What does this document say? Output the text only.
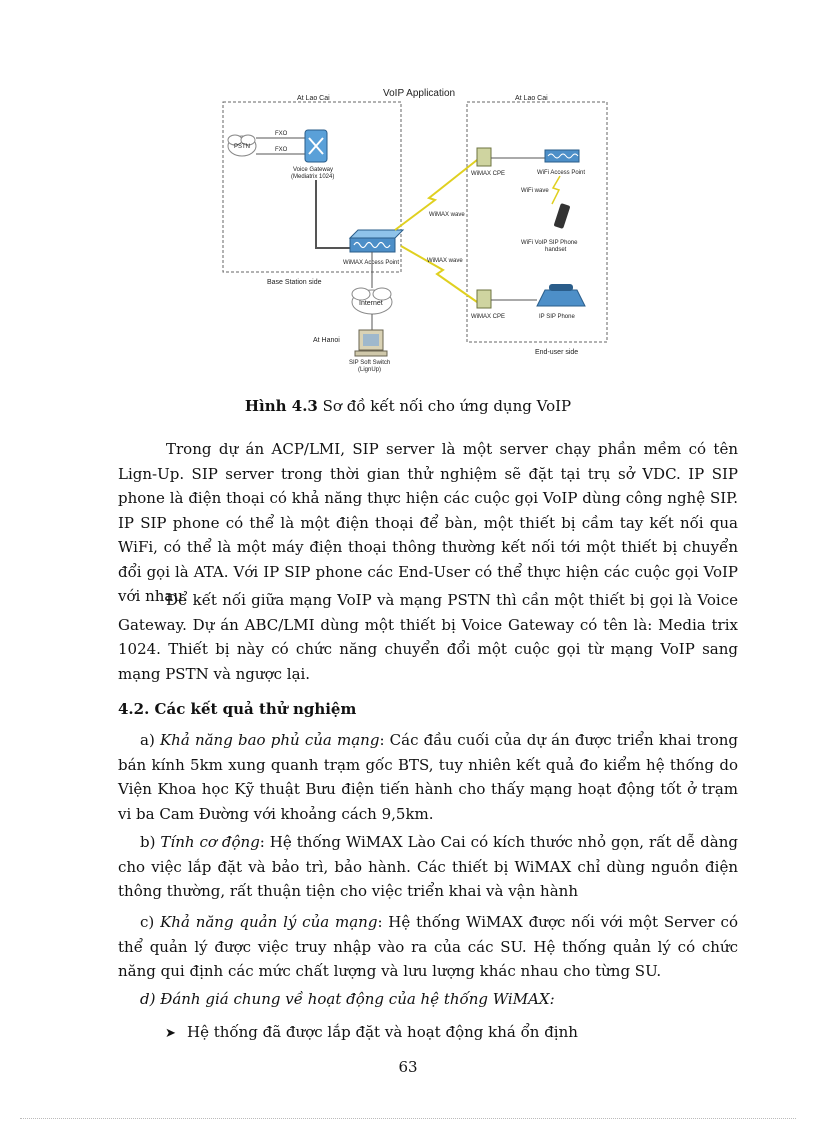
VoIP Application
At Lao Cai	At Lao Cai
PSTN
FXO
FXO
Voice Gateway
(Mediatrix 1024)
WiMAX Access Point
Base Station side
Internet
At Hanoi
SIP Soft Switch
(LignUp)
WiMAX wave
WiMAX wave
WiMAX CPE	WiFi Access Point
WiFi wave
WiFi VoIP SIP Phone
handset
WiMAX CPE	IP SIP Phone
End-user side
Hình 4.3 Sơ đồ kết nối cho ứng dụng VoIP

Trong dự án ACP/LMI, SIP server là một server chạy phần mềm có tên Lign-Up. SIP server trong thời gian thử nghiệm sẽ đặt tại trụ sở VDC. IP SIP phone là điện thoại có khả năng thực hiện các cuộc gọi VoIP dùng công nghệ SIP. IP SIP phone có thể là một điện thoại để bàn, một thiết bị cầm tay kết nối qua WiFi, có thể là một máy điện thoại thông thường kết nối tới một thiết bị chuyển đổi gọi là ATA. Với IP SIP phone các End-User có thể thực hiện các cuộc gọi VoIP với nhau.

Để kết nối giữa mạng VoIP và mạng PSTN thì cần một thiết bị gọi là Voice Gateway. Dự án ABC/LMI dùng một thiết bị Voice Gateway có tên là: Media trix 1024. Thiết bị này có chức năng chuyển đổi một cuộc gọi từ mạng VoIP sang mạng PSTN và ngược lại.

4.2. Các kết quả thử nghiệm

a) Khả năng bao phủ của mạng: Các đầu cuối của dự án được triển khai trong bán kính 5km xung quanh trạm gốc BTS, tuy nhiên kết quả đo kiểm hệ thống do Viện Khoa học Kỹ thuật Bưu điện tiến hành cho thấy mạng hoạt động tốt ở trạm vi ba Cam Đường với khoảng cách 9,5km.

b) Tính cơ động: Hệ thống WiMAX Lào Cai có kích thước nhỏ gọn, rất dễ dàng cho việc lắp đặt và bảo trì, bảo hành. Các thiết bị WiMAX chỉ dùng nguồn điện thông thường, rất thuận tiện cho việc triển khai và vận hành

c) Khả năng quản lý của mạng: Hệ thống WiMAX được nối với một Server có thể quản lý được việc truy nhập vào ra của các SU. Hệ thống quản lý có chức năng qui định các mức chất lượng và lưu lượng khác nhau cho từng SU.

d) Đánh giá chung về hoạt động của hệ thống WiMAX:

➤ Hệ thống đã được lắp đặt và hoạt động khá ổn định

63
